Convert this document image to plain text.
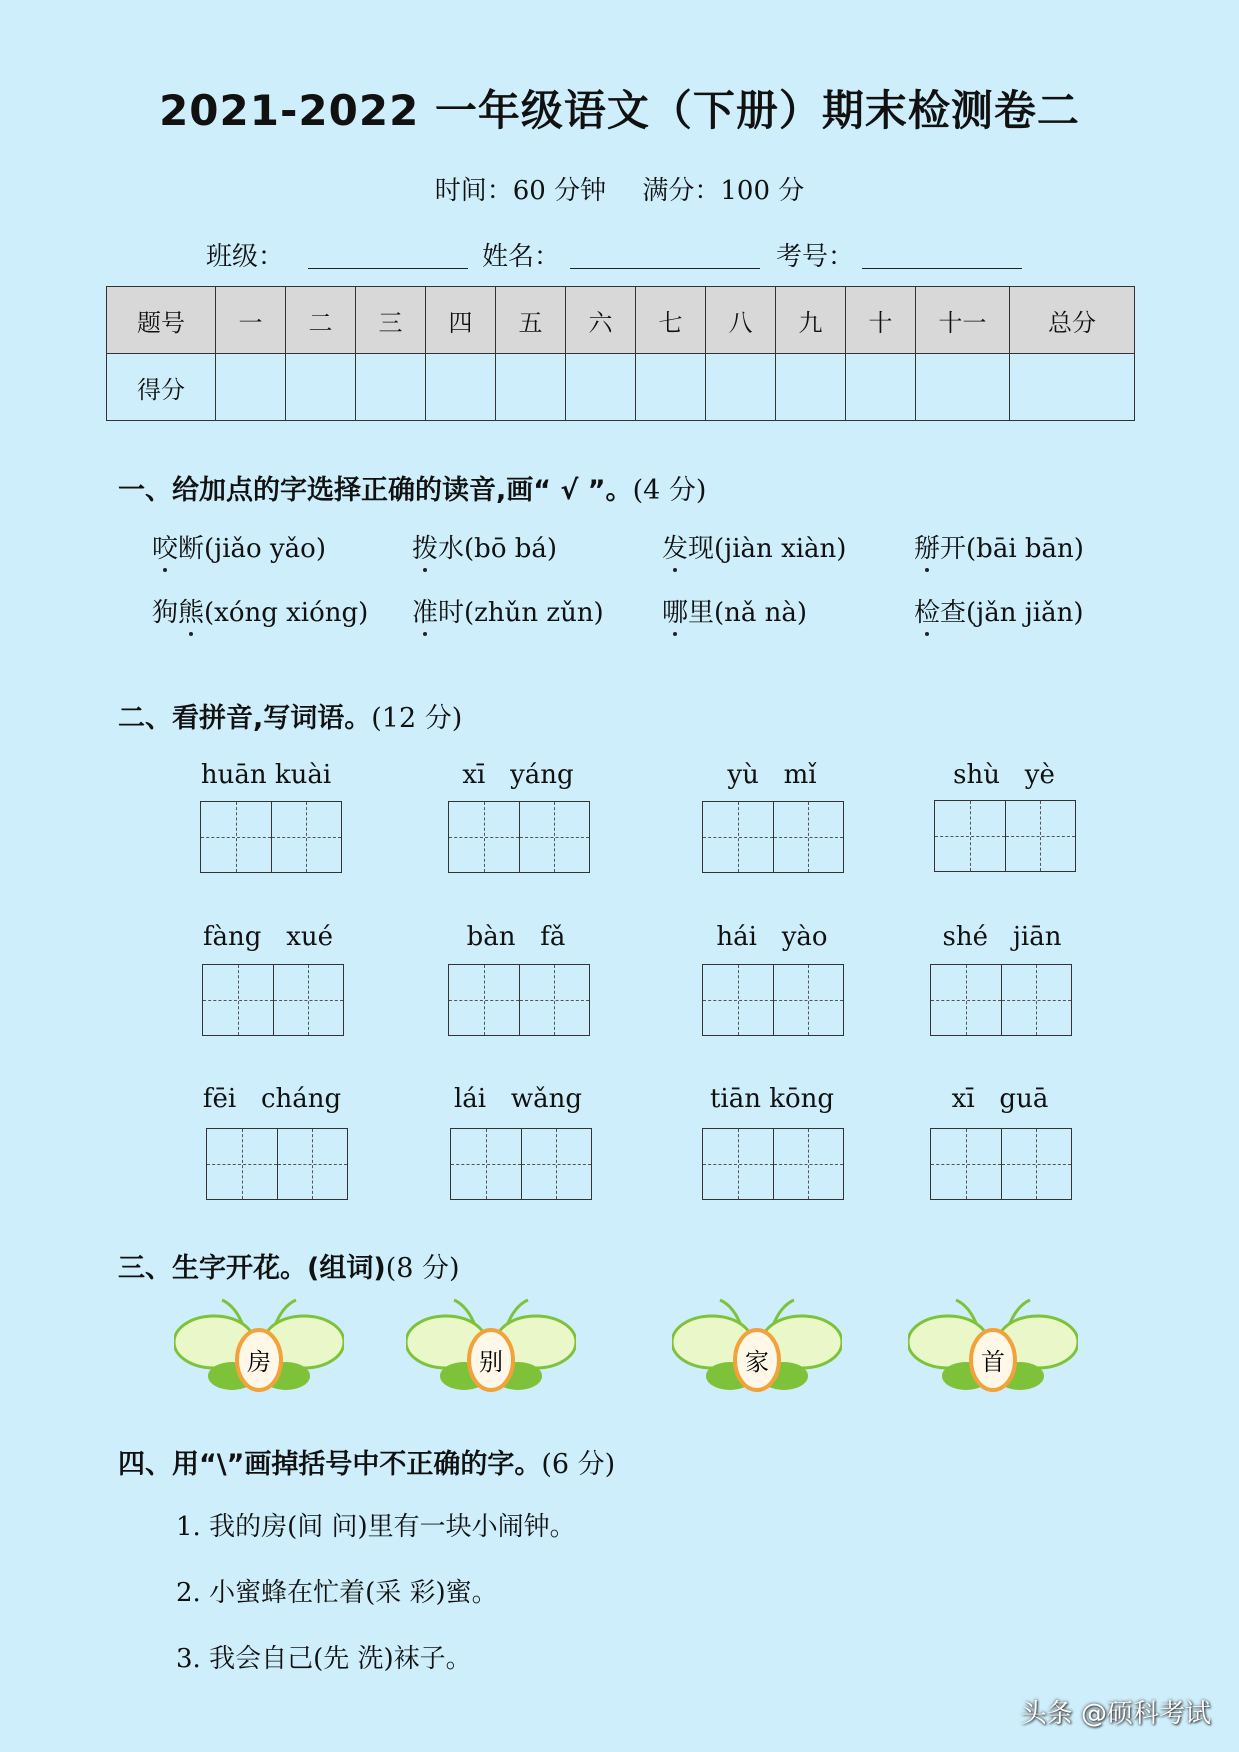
2021-2022 一年级语文（下册）期末检测卷二
时间：60 分钟 满分：100 分
班级：	姓名：	考号：
题号	一	二	三	四	五	六	七	八	九	十	十一	总分
得分												
一、给加点的字选择正确的读音,画“ √ ”。(4 分)
咬断(jiǎo yǎo)	拨水(bō bá)	发现(jiàn xiàn)	掰开(bāi bān)
狗熊(xóng xióng) 准时(zhǔn zǔn) 哪里(nǎ nà)	检查(jǎn jiǎn)
二、看拼音,写词语。(12 分)
huān kuài	xī   yáng	yù   mǐ	shù   yè
fàng   xué	bàn   fǎ	hái   yào	shé   jiān
fēi   cháng	lái   wǎng	tiān kōng	xī   guā
三、生字开花。(组词)(8 分)
房	别	家	首
四、用“\”画掉括号中不正确的字。(6 分)
1. 我的房(间 问)里有一块小闹钟。
2. 小蜜蜂在忙着(采 彩)蜜。
3. 我会自己(先 洗)袜子。
头条 @硕科考试
